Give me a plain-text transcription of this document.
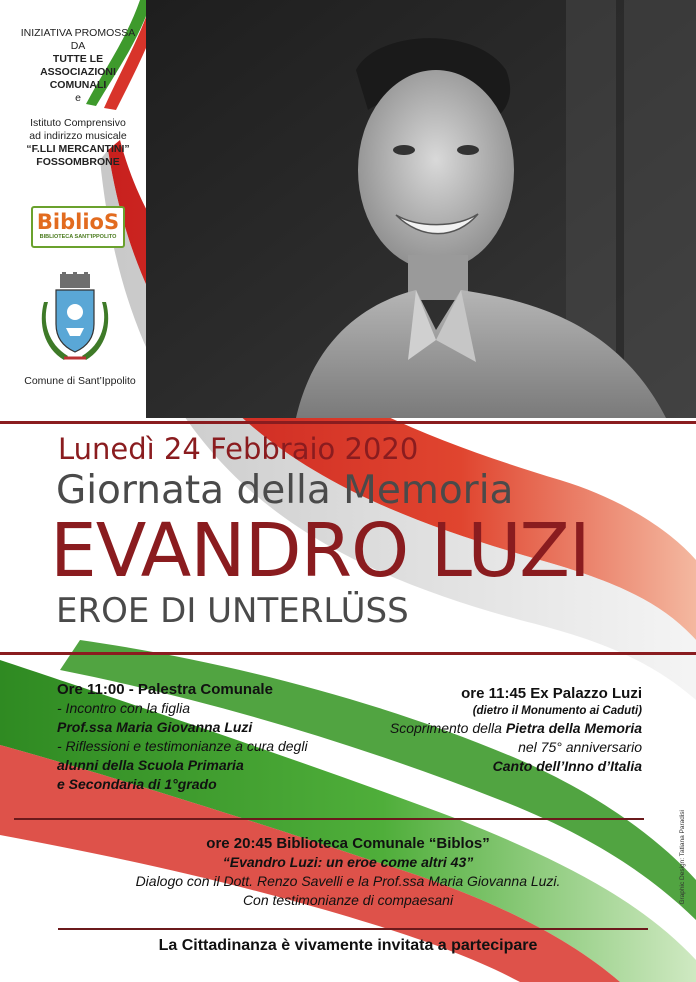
INIZIATIVA PROMOSSA DA
TUTTE LE ASSOCIAZIONI
COMUNALI
e
Istituto Comprensivo
ad indirizzo musicale
“F.LLI MERCANTINI”
FOSSOMBRONE
BiblioS
BIBLIOTECA SANT'IPPOLITO
Comune di Sant’Ippolito
Lunedì 24 Febbraio 2020
Giornata della Memoria
EVANDRO LUZI
EROE DI UNTERLÜSS
Ore 11:00 - Palestra Comunale
- Incontro con la figlia
Prof.ssa Maria Giovanna Luzi
- Riflessioni e testimonianze a cura degli
alunni della Scuola Primaria
e Secondaria di 1°grado
ore 11:45 Ex Palazzo Luzi
(dietro il Monumento ai Caduti)
Scoprimento della Pietra della Memoria
nel 75° anniversario
Canto dell’Inno d’Italia
ore 20:45 Biblioteca Comunale “Biblos”
“Evandro Luzi: un eroe come altri 43”
Dialogo con il Dott. Renzo Savelli e la Prof.ssa Maria Giovanna Luzi.
Con testimonianze di compaesani
La Cittadinanza è vivamente invitata a partecipare
Graphic Design: Tatiana Paradisi
